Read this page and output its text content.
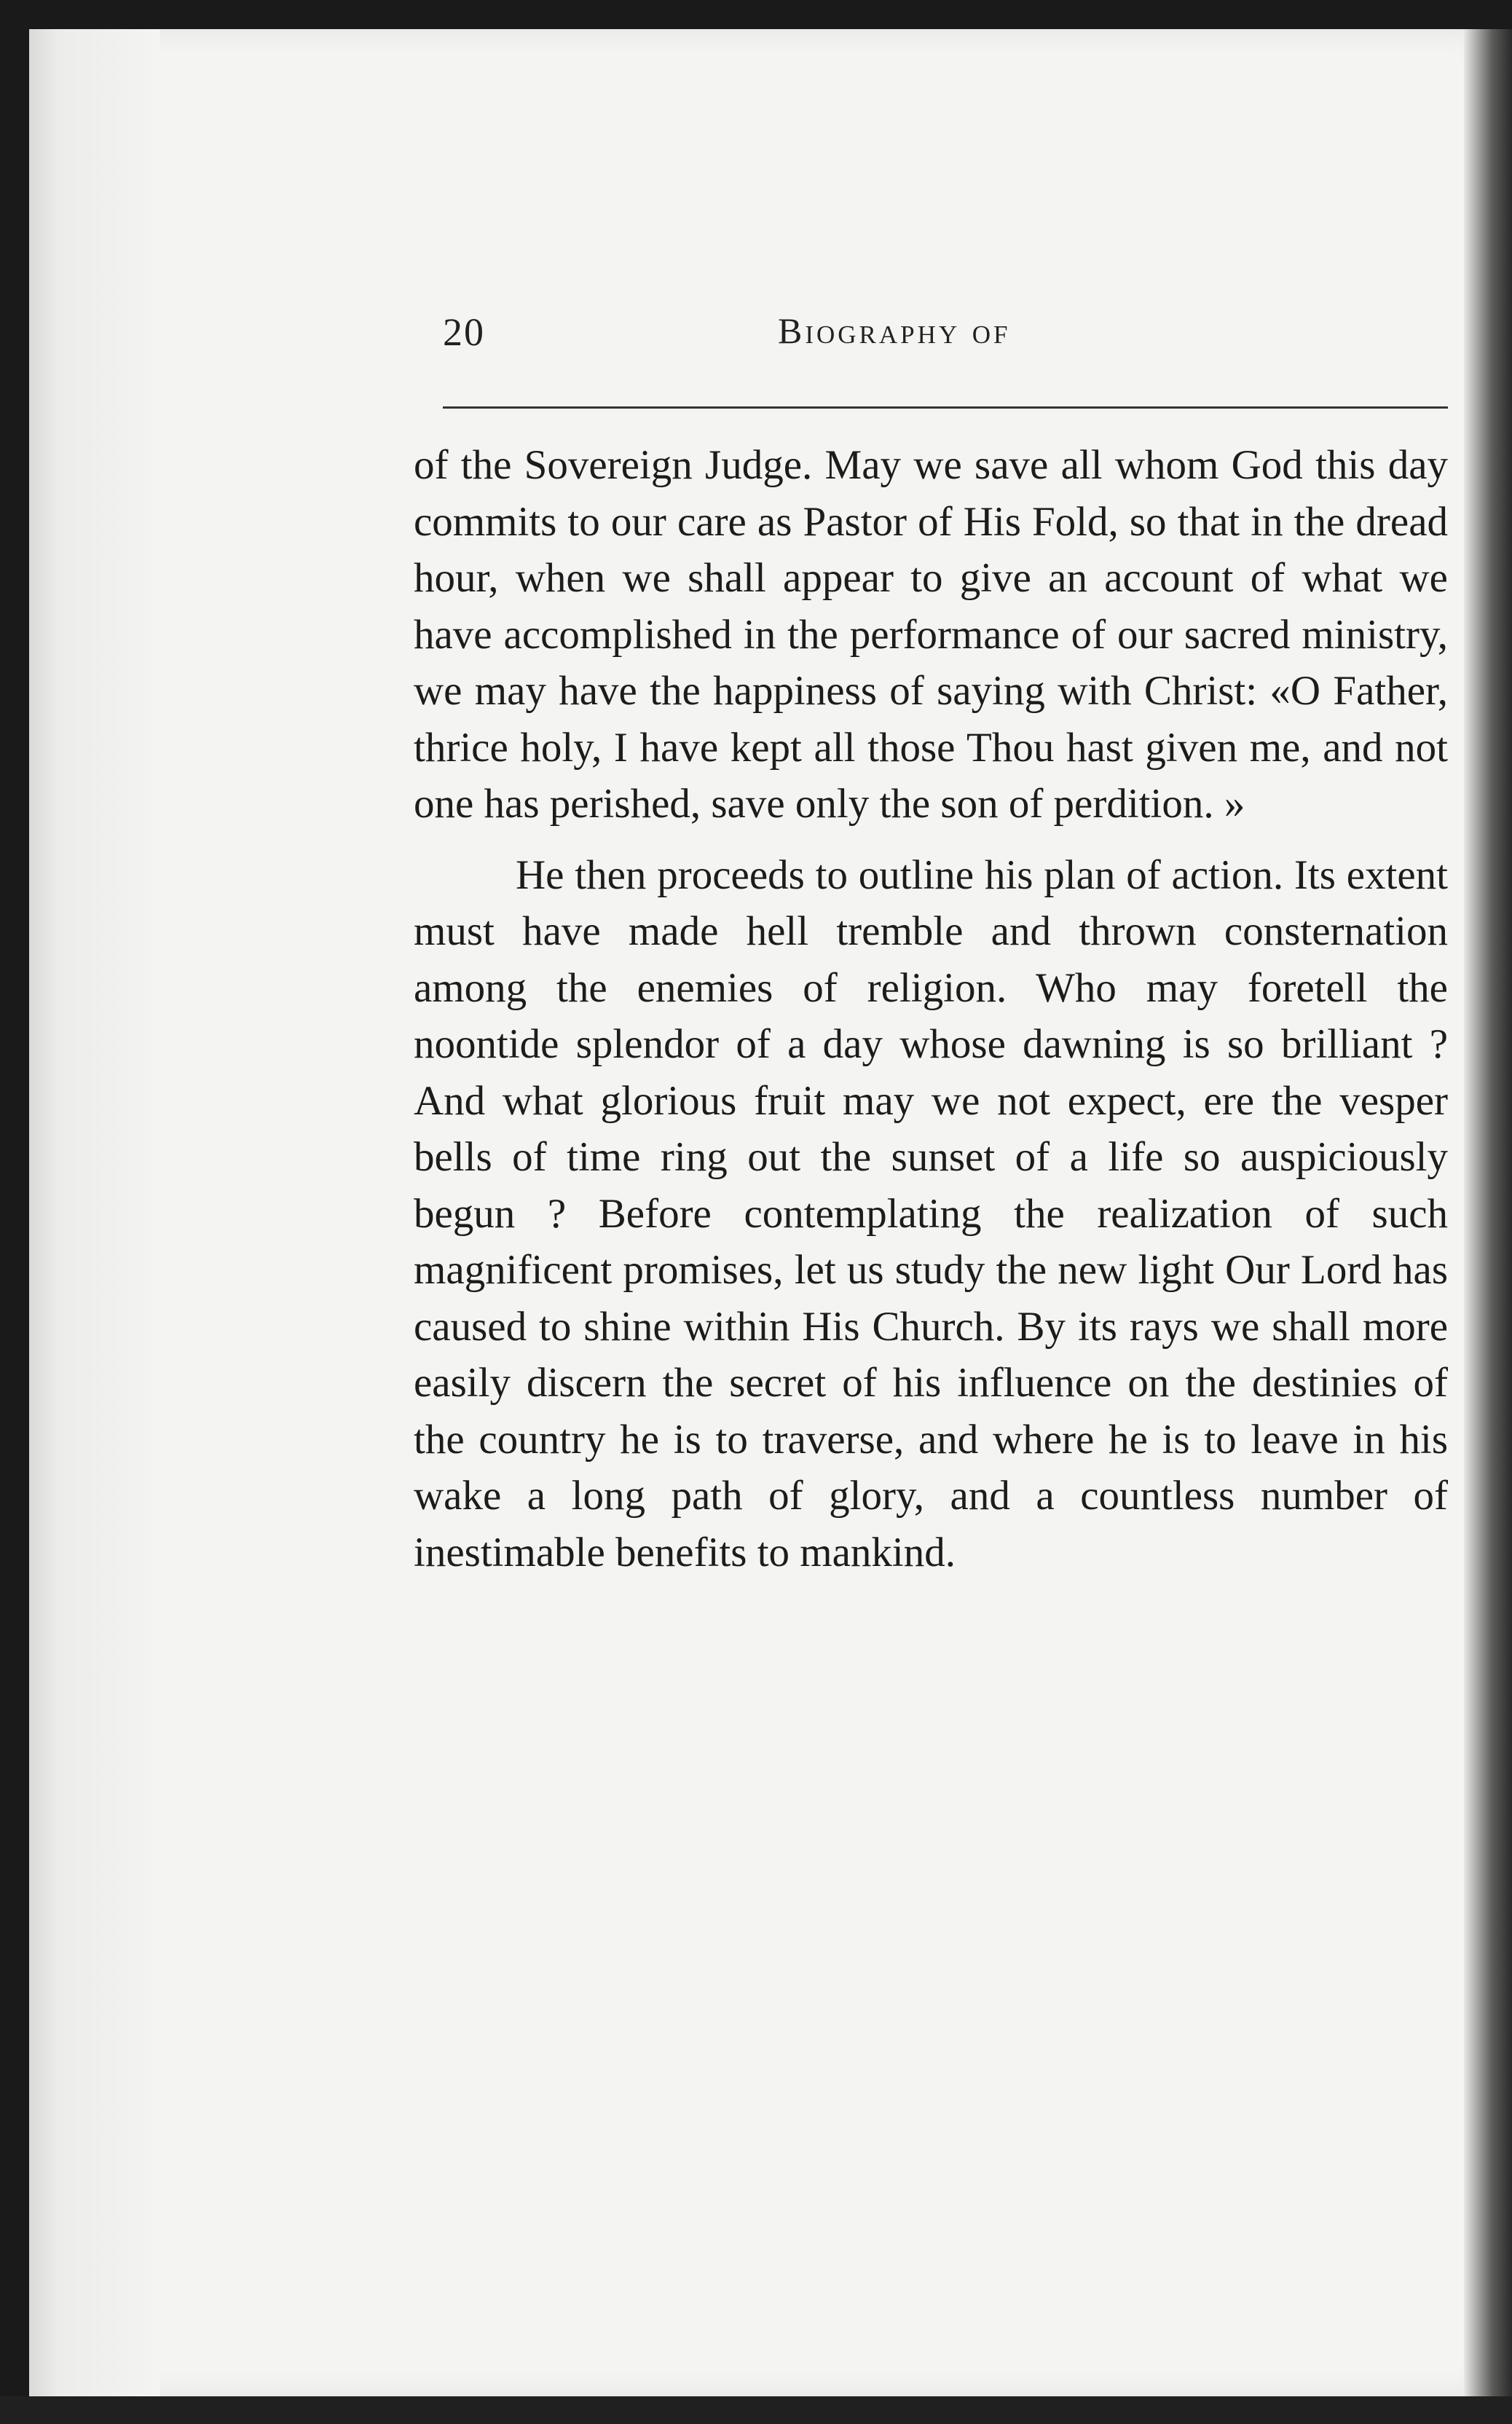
20	Biography of

of the Sovereign Judge. May we save all whom God this day commits to our care as Pastor of His Fold, so that in the dread hour, when we shall appear to give an account of what we have accomplished in the performance of our sacred ministry, we may have the happiness of saying with Christ: «O Father, thrice holy, I have kept all those Thou hast given me, and not one has perished, save only the son of perdition. »

He then proceeds to outline his plan of action. Its extent must have made hell tremble and thrown consternation among the enemies of religion. Who may foretell the noontide splendor of a day whose dawning is so brilliant ? And what glorious fruit may we not expect, ere the vesper bells of time ring out the sunset of a life so auspiciously begun ? Before contemplating the realization of such magnificent promises, let us study the new light Our Lord has caused to shine within His Church. By its rays we shall more easily discern the secret of his influence on the destinies of the country he is to traverse, and where he is to leave in his wake a long path of glory, and a countless number of inestimable benefits to mankind.
